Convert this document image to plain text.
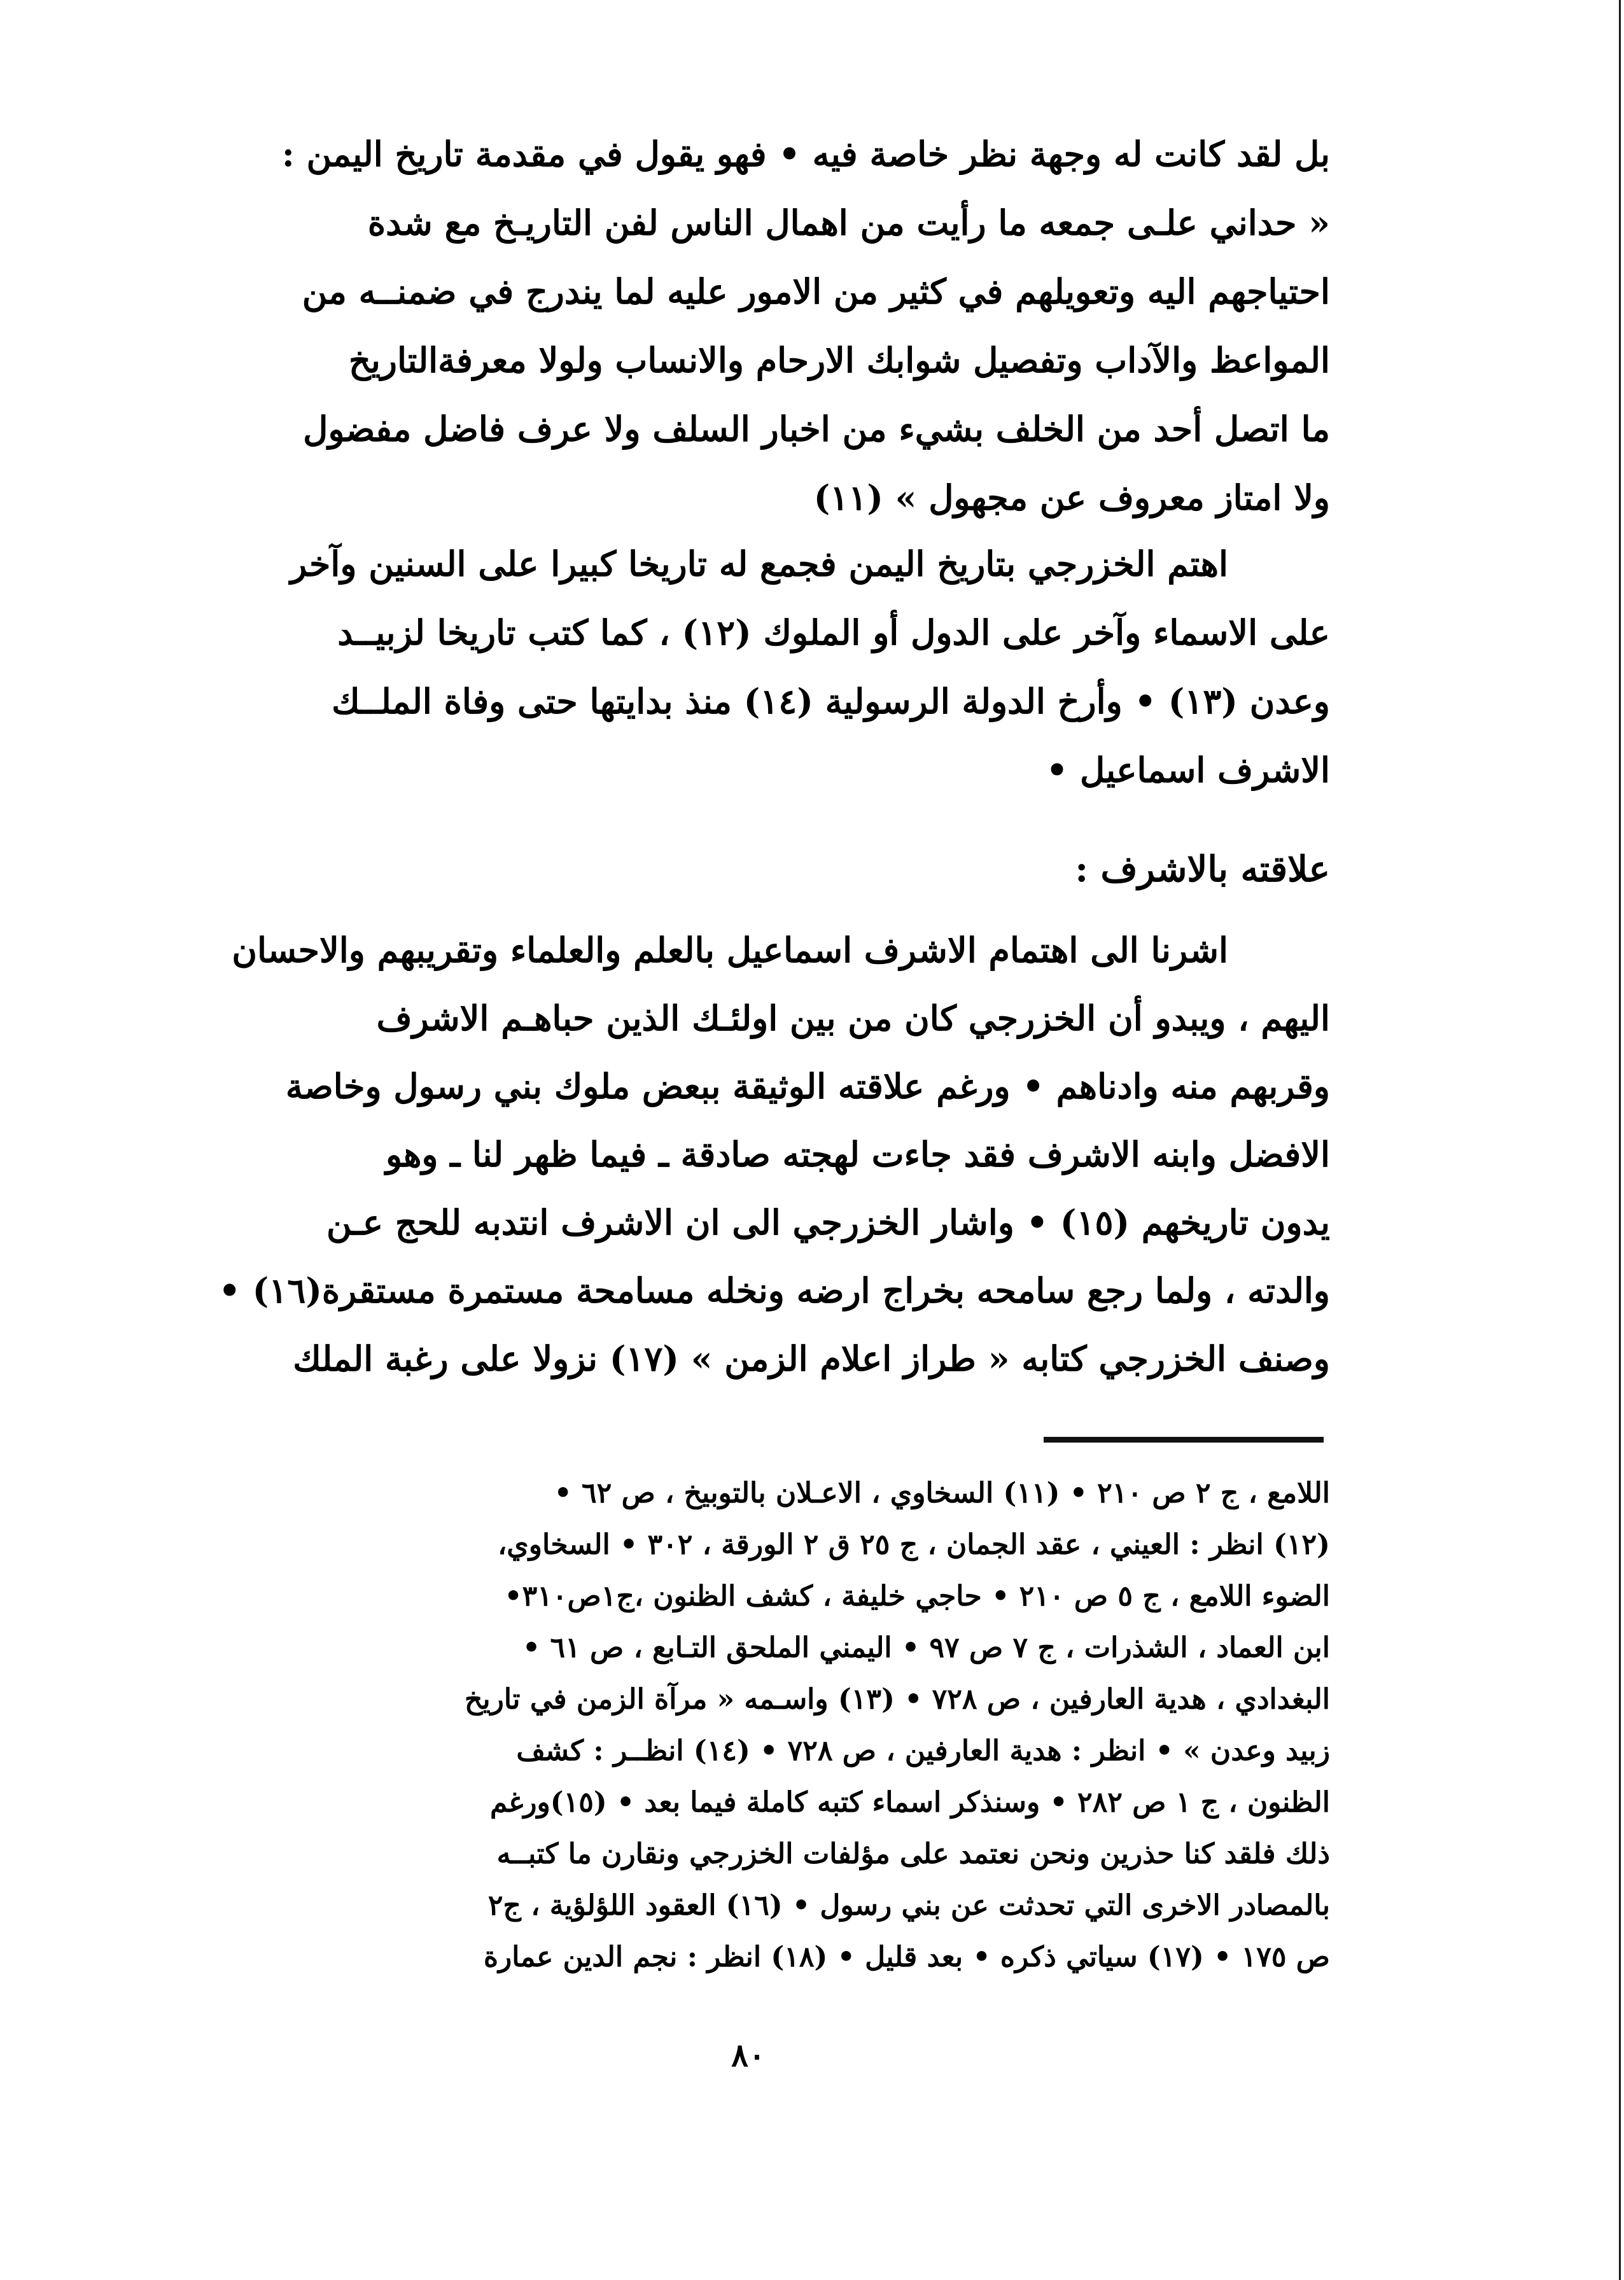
بل لقد كانت له وجهة نظر خاصة فيه • فهو يقول في مقدمة تاريخ اليمن :
« حداني علـى جمعه ما رأيت من اهمال الناس لفن التاريـخ مع شدة
احتياجهم اليه وتعويلهم في كثير من الامور عليه لما يندرج في ضمنــه من
المواعظ والآداب وتفصيل شوابك الارحام والانساب ولولا معرفةالتاريخ
ما اتصل أحد من الخلف بشيء من اخبار السلف ولا عرف فاضل مفضول
ولا امتاز معروف عن مجهول » (١١)
اهتم الخزرجي بتاريخ اليمن فجمع له تاريخا كبيرا على السنين وآخر
على الاسماء وآخر على الدول أو الملوك (١٢) ، كما كتب تاريخا لزبيــد
وعدن (١٣) • وأرخ الدولة الرسولية (١٤) منذ بدايتها حتى وفاة الملــك
الاشرف اسماعيل •
علاقته بالاشرف :
اشرنا الى اهتمام الاشرف اسماعيل بالعلم والعلماء وتقريبهم والاحسان
اليهم ، ويبدو أن الخزرجي كان من بين اولئـك الذين حباهـم الاشرف
وقربهم منه وادناهم • ورغم علاقته الوثيقة ببعض ملوك بني رسول وخاصة
الافضل وابنه الاشرف فقد جاءت لهجته صادقة ـ فيما ظهر لنا ـ وهو
يدون تاريخهم (١٥) • واشار الخزرجي الى ان الاشرف انتدبه للحج عـن
والدته ، ولما رجع سامحه بخراج ارضه ونخله مسامحة مستمرة مستقرة(١٦) •
وصنف الخزرجي كتابه « طراز اعلام الزمن » (١٧) نزولا على رغبة الملك
اللامع ، ج ٢ ص ٢١٠ • (١١) السخاوي ، الاعـلان بالتوبيخ ، ص ٦٢ •
(١٢) انظر : العيني ، عقد الجمان ، ج ٢٥ ق ٢ الورقة ، ٣٠٢ • السخاوي،
الضوء اللامع ، ج ٥ ص ٢١٠ • حاجي خليفة ، كشف الظنون ،ج١ص٣١٠•
ابن العماد ، الشذرات ، ج ٧ ص ٩٧ • اليمني الملحق التـابع ، ص ٦١ •
البغدادي ، هدية العارفين ، ص ٧٢٨ • (١٣) واسـمه « مرآة الزمن في تاريخ
زبيد وعدن » • انظر : هدية العارفين ، ص ٧٢٨ • (١٤) انظــر : كشف
الظنون ، ج ١ ص ٢٨٢ • وسنذكر اسماء كتبه كاملة فيما بعد • (١٥)ورغم
ذلك فلقد كنا حذرين ونحن نعتمد على مؤلفات الخزرجي ونقارن ما كتبــه
بالمصادر الاخرى التي تحدثت عن بني رسول • (١٦) العقود اللؤلؤية ، ج٢
ص ١٧٥ • (١٧) سياتي ذكره • بعد قليل • (١٨) انظر : نجم الدين عمارة
٨٠
